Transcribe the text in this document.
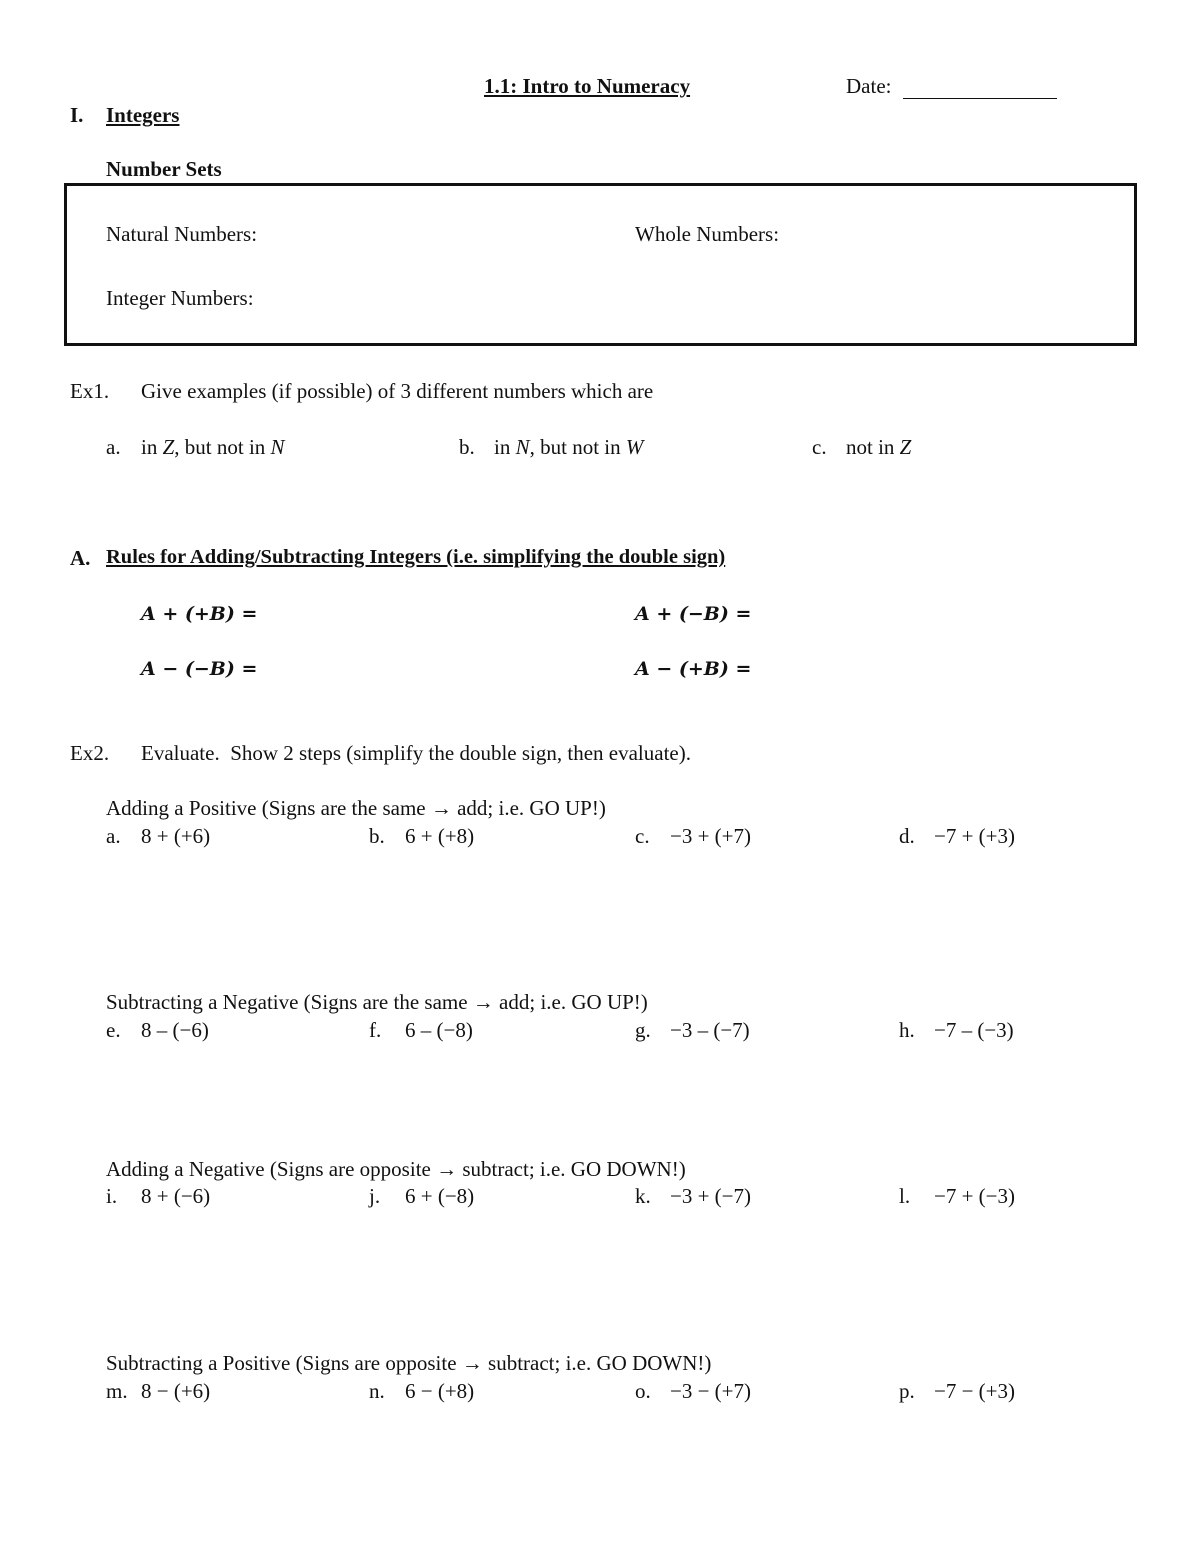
1.1: Intro to Numeracy	Date:
I. Integers
Number Sets
Natural Numbers:	Whole Numbers:
Integer Numbers:
Ex1. Give examples (if possible) of 3 different numbers which are
a. in Z, but not in N	b. in N, but not in W	c. not in Z
A. Rules for Adding/Subtracting Integers (i.e. simplifying the double sign)
A + (+B) =	A + (−B) =
A − (−B) =	A − (+B) =
Ex2. Evaluate.  Show 2 steps (simplify the double sign, then evaluate).
Adding a Positive (Signs are the same → add; i.e. GO UP!)
a. 8 + (+6)	b. 6 + (+8)	c. −3 + (+7)	d. −7 + (+3)
Subtracting a Negative (Signs are the same → add; i.e. GO UP!)
e. 8 – (−6)	f. 6 – (−8)	g. −3 – (−7)	h. −7 – (−3)
Adding a Negative (Signs are opposite → subtract; i.e. GO DOWN!)
i. 8 + (−6)	j. 6 + (−8)	k. −3 + (−7)	l. −7 + (−3)
Subtracting a Positive (Signs are opposite → subtract; i.e. GO DOWN!)
m. 8 − (+6)	n. 6 − (+8)	o. −3 − (+7)	p. −7 − (+3)
